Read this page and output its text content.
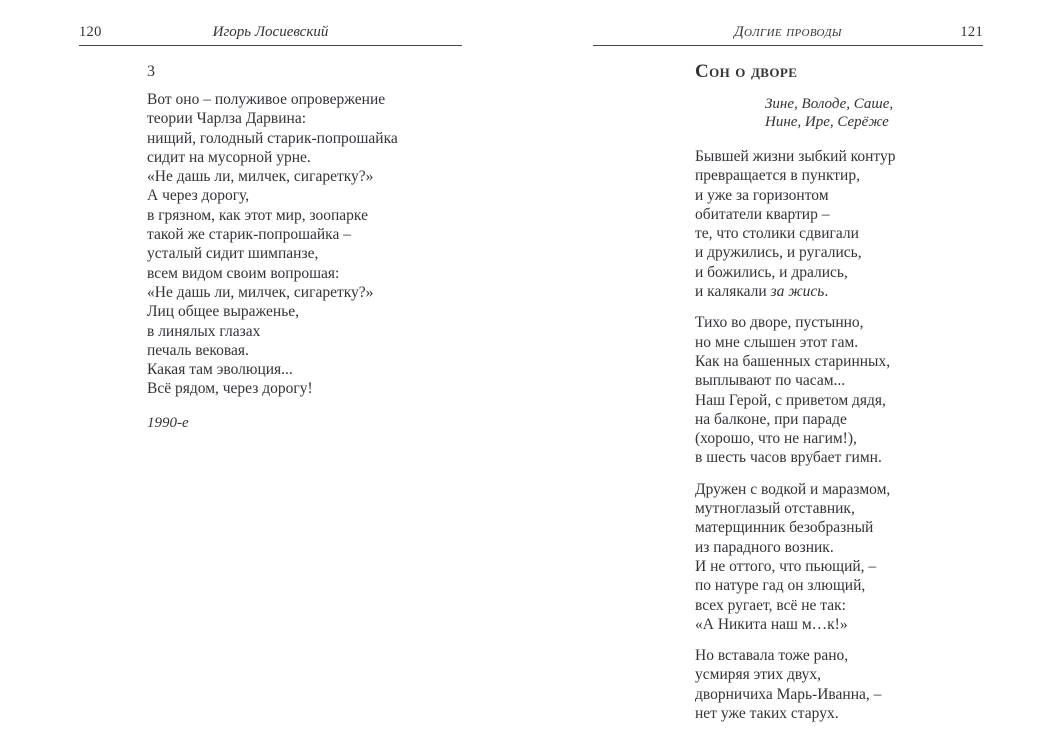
120	Игорь Лосиевский
3
Вот оно – полуживое опровержение
теории Чарлза Дарвина:
нищий, голодный старик-попрошайка
сидит на мусорной урне.
«Не дашь ли, милчек, сигаретку?»
А через дорогу,
в грязном, как этот мир, зоопарке
такой же старик-попрошайка –
усталый сидит шимпанзе,
всем видом своим вопрошая:
«Не дашь ли, милчек, сигаретку?»
Лиц общее выраженье,
в линялых глазах
печаль вековая.
Какая там эволюция...
Всё рядом, через дорогу!
1990-е
Долгие проводы	121
Сон о дворе
Зине, Володе, Саше,
Нине, Ире, Серёже
Бывшей жизни зыбкий контур
превращается в пунктир,
и уже за горизонтом
обитатели квартир –
те, что столики сдвигали
и дружились, и ругались,
и божились, и дрались,
и калякали за жись.
Тихо во дворе, пустынно,
но мне слышен этот гам.
Как на башенных старинных,
выплывают по часам...
Наш Герой, с приветом дядя,
на балконе, при параде
(хорошо, что не нагим!),
в шесть часов врубает гимн.
Дружен с водкой и маразмом,
мутноглазый отставник,
матерщинник безобразный
из парадного возник.
И не оттого, что пьющий, –
по натуре гад он злющий,
всех ругает, всё не так:
«А Никита наш м…к!»
Но вставала тоже рано,
усмиряя этих двух,
дворничиха Марь-Иванна, –
нет уже таких старух.
